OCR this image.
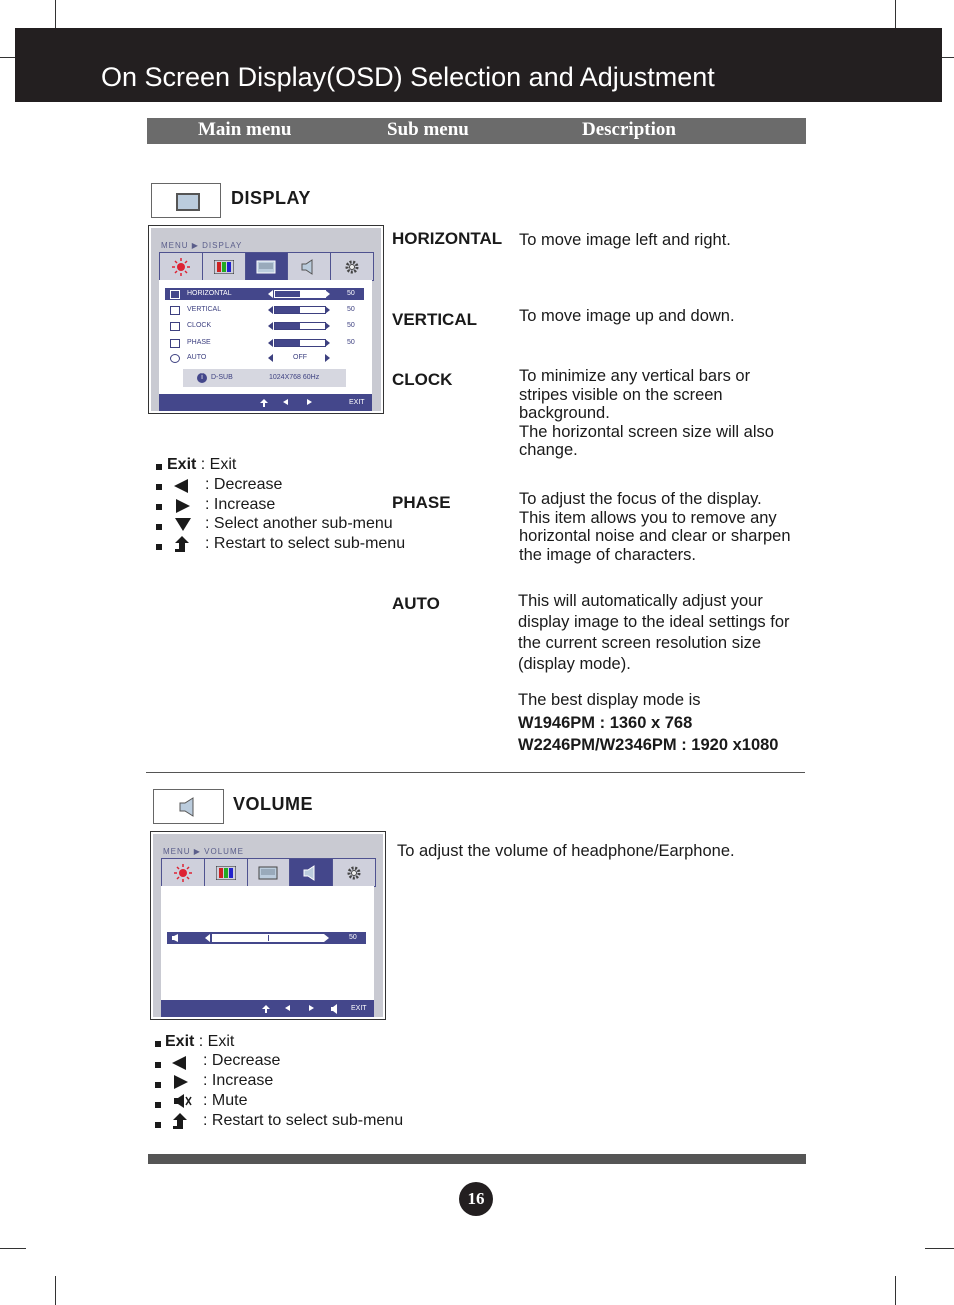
On Screen Display(OSD) Selection and Adjustment
Main menu	Sub menu	Description
DISPLAY
MENU ▶ DISPLAY
HORIZONTAL	50
VERTICAL	50
CLOCK	50
PHASE	50
AUTO	OFF
i	D-SUB	1024X768 60Hz
EXIT
Exit : Exit
: Decrease
: Increase
: Select another sub-menu
: Restart to select sub-menu
HORIZONTAL To move image left and right.
VERTICAL	To move image up and down.
CLOCK	To minimize any vertical bars or stripes visible on the screen background.
The horizontal screen size will also change.
PHASE	To adjust the focus of the display.
This item allows you to remove any horizontal noise and clear or sharpen the image of characters.
AUTO	This will automatically adjust your display image to the ideal settings for the current screen resolution size (display mode).
The best display mode is
W1946PM : 1360 x 768
W2246PM/W2346PM : 1920 x1080
VOLUME
MENU ▶ VOLUME
50
EXIT
To adjust the volume of headphone/Earphone.
Exit : Exit
: Decrease
: Increase
: Mute
: Restart to select sub-menu
16
